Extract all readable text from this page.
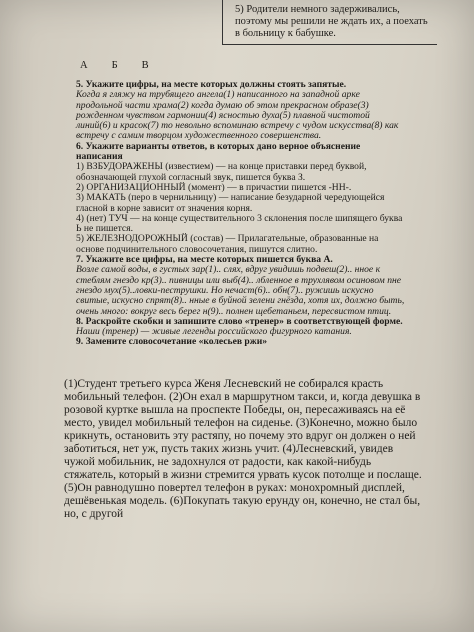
5) Родители немного задерживались, поэтому мы решили не ждать их, а поехать в больницу к бабушке.
А Б В

5. Укажите цифры, на месте которых должны стоять запятые.

Когда я гляжу на трубящего ангела(1) написанного на западной арке продольной части храма(2) когда думаю об этом прекрасном образе(3) рожденном чувством гармонии(4) ясностью духа(5) плавной чистотой линий(6) и красок(7) то невольно вспоминаю встречу с чудом искусства(8) как встречу с самим творцом художественного совершенства.

6. Укажите варианты ответов, в которых дано верное объяснение написания

1) ВЗБУДОРАЖЕНЫ (известием) — на конце приставки перед буквой, обозначающей глухой согласный звук, пишется буква З.

2) ОРГАНИЗАЦИОННЫЙ (момент) — в причастии пишется -НН-.

3) МАКАТЬ (перо в чернильницу) — написание безударной чередующейся гласной в корне зависит от значения корня.

4) (нет) ТУЧ — на конце существительного 3 склонения после шипящего буква Ь не пишется.

5) ЖЕЛЕЗНОДОРОЖНЫЙ (состав) — Прилагательные, образованные на основе подчинительного словосочетания, пишутся слитно.

7. Укажите все цифры, на месте которых пишется буква А.

Возле самой воды, в густых зар(1).. слях, вдруг увидишь подвеш(2).. нное к стеблям гнездо кр(3).. пивницы или выб(4).. лбленное в трухлявом осиновом пне гнездо мух(5)..ловки-пеструшки. Но нечаст(6).. обн(7).. ружишь искусно свитые, искусно спрят(8).. нные в буйной зелени гнёзда, хотя их, должно быть, очень много: вокруг весь берег н(9).. полнен щебетаньем, пересвистом птиц.

8. Раскройте скобки и запишите слово «тренер» в соответствующей форме.

Наши (тренер) — живые легенды российского фигурного катания.

9. Замените словосочетание «колесьев ржи»

(1)Студент третьего курса Женя Лесневский не собирался красть мобильный телефон. (2)Он ехал в маршрутном такси, и, когда девушка в розовой куртке вышла на проспекте Победы, он, пересаживаясь на её место, увидел мобильный телефон на сиденье. (3)Конечно, можно было крикнуть, остановить эту растяпу, но почему это вдруг он должен о ней заботиться, нет уж, пусть таких жизнь учит. (4)Лесневский, увидев чужой мобильник, не задохнулся от радости, как какой-нибудь стяжатель, который в жизни стремится урвать кусок потолще и послаще. (5)Он равнодушно повертел телефон в руках: монохромный дисплей, дешёвенькая модель. (6)Покупать такую ерунду он, конечно, не стал бы, но, с другой
